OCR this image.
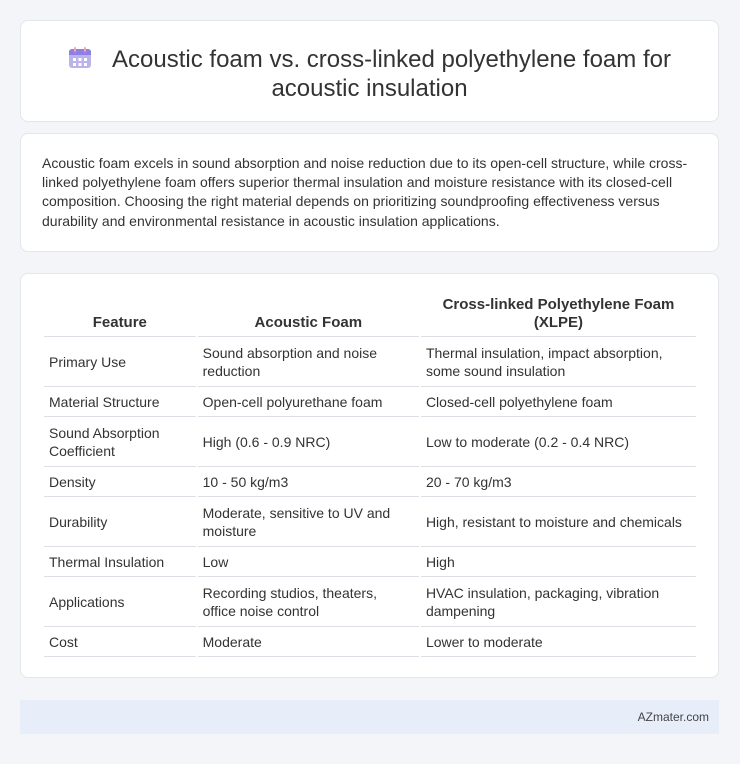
Acoustic foam vs. cross-linked polyethylene foam for acoustic insulation

Acoustic foam excels in sound absorption and noise reduction due to its open-cell structure, while cross-linked polyethylene foam offers superior thermal insulation and moisture resistance with its closed-cell composition. Choosing the right material depends on prioritizing soundproofing effectiveness versus durability and environmental resistance in acoustic insulation applications.

Feature	Acoustic Foam	Cross-linked Polyethylene Foam (XLPE)
Primary Use	Sound absorption and noise reduction	Thermal insulation, impact absorption, some sound insulation
Material Structure	Open-cell polyurethane foam	Closed-cell polyethylene foam
Sound Absorption Coefficient	High (0.6 - 0.9 NRC)	Low to moderate (0.2 - 0.4 NRC)
Density	10 - 50 kg/m3	20 - 70 kg/m3
Durability	Moderate, sensitive to UV and moisture	High, resistant to moisture and chemicals
Thermal Insulation	Low	High
Applications	Recording studios, theaters, office noise control	HVAC insulation, packaging, vibration dampening
Cost	Moderate	Lower to moderate
AZmater.com
